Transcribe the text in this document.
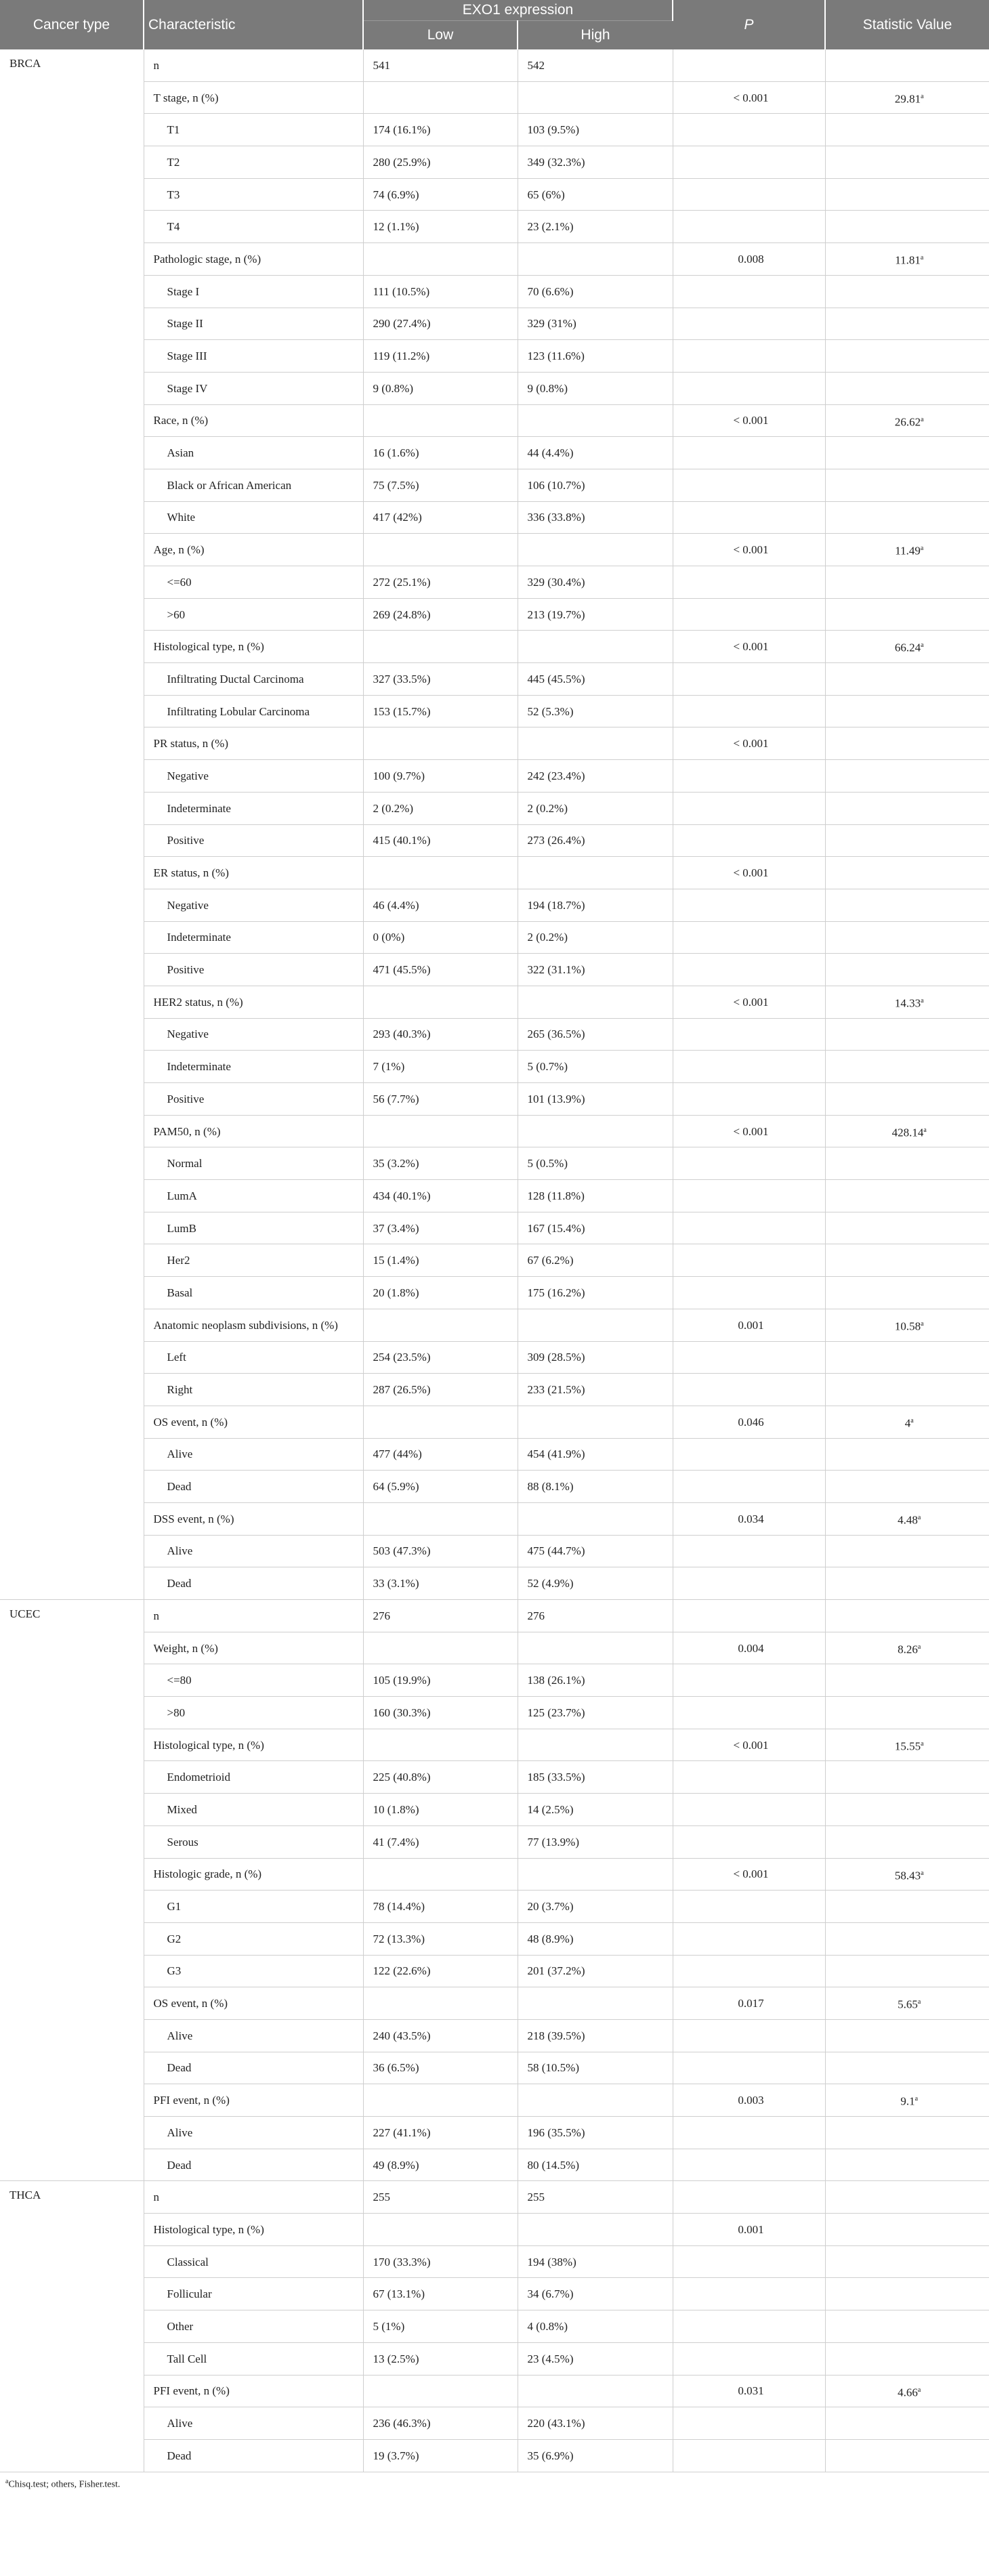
Cancer type	Characteristic	EXO1 expression		P	Statistic Value
		Low	High		
BRCA	n	541	542		
	T stage, n (%)			< 0.001	29.81$^a$
	T1	174 (16.1%)	103 (9.5%)		
	T2	280 (25.9%)	349 (32.3%)		
	T3	74 (6.9%)	65 (6%)		
	T4	12 (1.1%)	23 (2.1%)		
	Pathologic stage, n (%)			0.008	11.81$^a$
	Stage I	111 (10.5%)	70 (6.6%)		
	Stage II	290 (27.4%)	329 (31%)		
	Stage III	119 (11.2%)	123 (11.6%)		
	Stage IV	9 (0.8%)	9 (0.8%)		
	Race, n (%)			< 0.001	26.62$^a$
	Asian	16 (1.6%)	44 (4.4%)		
	Black or African American	75 (7.5%)	106 (10.7%)		
	White	417 (42%)	336 (33.8%)		
	Age, n (%)			< 0.001	11.49$^a$
	<=60	272 (25.1%)	329 (30.4%)		
	>60	269 (24.8%)	213 (19.7%)		
	Histological type, n (%)			< 0.001	66.24$^a$
	Infiltrating Ductal Carcinoma	327 (33.5%)	445 (45.5%)		
	Infiltrating Lobular Carcinoma	153 (15.7%)	52 (5.3%)		
	PR status, n (%)			< 0.001	
	Negative	100 (9.7%)	242 (23.4%)		
	Indeterminate	2 (0.2%)	2 (0.2%)		
	Positive	415 (40.1%)	273 (26.4%)		
	ER status, n (%)			< 0.001	
	Negative	46 (4.4%)	194 (18.7%)		
	Indeterminate	0 (0%)	2 (0.2%)		
	Positive	471 (45.5%)	322 (31.1%)		
	HER2 status, n (%)			< 0.001	14.33$^a$
	Negative	293 (40.3%)	265 (36.5%)		
	Indeterminate	7 (1%)	5 (0.7%)		
	Positive	56 (7.7%)	101 (13.9%)		
	PAM50, n (%)			< 0.001	428.14$^a$
	Normal	35 (3.2%)	5 (0.5%)		
	LumA	434 (40.1%)	128 (11.8%)		
	LumB	37 (3.4%)	167 (15.4%)		
	Her2	15 (1.4%)	67 (6.2%)		
	Basal	20 (1.8%)	175 (16.2%)		
	Anatomic neoplasm subdivisions, n (%)			0.001	10.58$^a$
	Left	254 (23.5%)	309 (28.5%)		
	Right	287 (26.5%)	233 (21.5%)		
	OS event, n (%)			0.046	4$^a$
	Alive	477 (44%)	454 (41.9%)		
	Dead	64 (5.9%)	88 (8.1%)		
	DSS event, n (%)			0.034	4.48$^a$
	Alive	503 (47.3%)	475 (44.7%)		
	Dead	33 (3.1%)	52 (4.9%)		
UCEC	n	276	276		
	Weight, n (%)			0.004	8.26$^a$
	<=80	105 (19.9%)	138 (26.1%)		
	>80	160 (30.3%)	125 (23.7%)		
	Histological type, n (%)			< 0.001	15.55$^a$
	Endometrioid	225 (40.8%)	185 (33.5%)		
	Mixed	10 (1.8%)	14 (2.5%)		
	Serous	41 (7.4%)	77 (13.9%)		
	Histologic grade, n (%)			< 0.001	58.43$^a$
	G1	78 (14.4%)	20 (3.7%)		
	G2	72 (13.3%)	48 (8.9%)		
	G3	122 (22.6%)	201 (37.2%)		
	OS event, n (%)			0.017	5.65$^a$
	Alive	240 (43.5%)	218 (39.5%)		
	Dead	36 (6.5%)	58 (10.5%)		
	PFI event, n (%)			0.003	9.1$^a$
	Alive	227 (41.1%)	196 (35.5%)		
	Dead	49 (8.9%)	80 (14.5%)		
THCA	n	255	255		
	Histological type, n (%)			0.001	
	Classical	170 (33.3%)	194 (38%)		
	Follicular	67 (13.1%)	34 (6.7%)		
	Other	5 (1%)	4 (0.8%)		
	Tall Cell	13 (2.5%)	23 (4.5%)		
	PFI event, n (%)			0.031	4.66$^a$
	Alive	236 (46.3%)	220 (43.1%)		
	Dead	19 (3.7%)	35 (6.9%)		
$^a$Chisq.test; others, Fisher.test.
